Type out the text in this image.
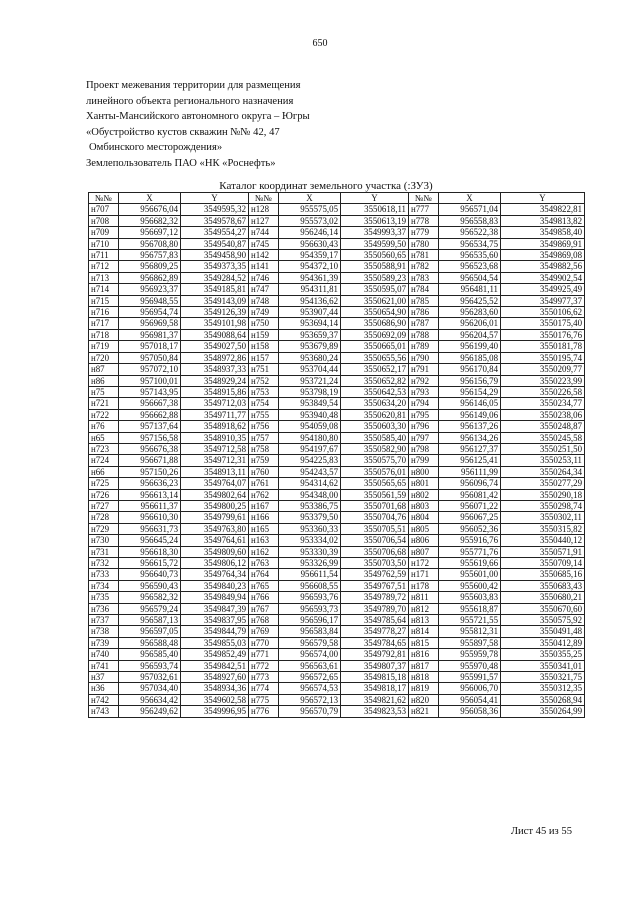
650
Проект межевания территории для размещения
линейного объекта регионального назначения
Ханты-Мансийского автономного округа – Югры
«Обустройство кустов скважин №№ 42, 47
Омбинского месторождения»
Землепользователь ПАО «НК «Роснефть»
Каталог координат земельного участка (:ЗУ3)
№№	X	Y	№№	X	Y	№№	X	Y
н707	956676,04	3549595,32	н128	955575,05	3550618,11	н777	956571,04	3549822,81
н708	956682,32	3549578,67	н127	955573,02	3550613,19	н778	956558,83	3549813,82
н709	956697,12	3549554,27	н744	956246,14	3549993,37	н779	956522,38	3549858,40
н710	956708,80	3549540,87	н745	956630,43	3549599,50	н780	956534,75	3549869,91
н711	956757,83	3549458,90	н142	954359,17	3550560,65	н781	956535,60	3549869,08
н712	956809,25	3549373,35	н141	954372,10	3550588,91	н782	956523,68	3549882,56
н713	956862,89	3549284,52	н746	954361,39	3550589,23	н783	956504,54	3549902,54
н714	956923,37	3549185,81	н747	954311,81	3550595,07	н784	956481,11	3549925,49
н715	956948,55	3549143,09	н748	954136,62	3550621,00	н785	956425,52	3549977,37
н716	956954,74	3549126,39	н749	953907,44	3550654,90	н786	956283,60	3550106,62
н717	956969,58	3549101,98	н750	953694,14	3550686,90	н787	956206,01	3550175,40
н718	956981,37	3549088,64	н159	953659,37	3550692,09	н788	956204,57	3550176,76
н719	957018,17	3549027,50	н158	953679,89	3550665,01	н789	956199,40	3550181,78
н720	957050,84	3548972,86	н157	953680,24	3550655,56	н790	956185,08	3550195,74
н87	957072,10	3548937,33	н751	953704,44	3550652,17	н791	956170,84	3550209,77
н86	957100,01	3548929,24	н752	953721,24	3550652,82	н792	956156,79	3550223,99
н75	957143,95	3548915,86	н753	953798,19	3550642,53	н793	956154,29	3550226,58
н721	956667,38	3549712,03	н754	953849,54	3550634,20	н794	956146,05	3550234,77
н722	956662,88	3549711,77	н755	953940,48	3550620,81	н795	956149,06	3550238,06
н76	957137,64	3548918,62	н756	954059,08	3550603,30	н796	956137,26	3550248,87
н65	957156,58	3548910,35	н757	954180,80	3550585,40	н797	956134,26	3550245,58
н723	956676,38	3549712,58	н758	954197,67	3550582,90	н798	956127,37	3550251,50
н724	956671,88	3549712,31	н759	954225,83	3550575,70	н799	956125,41	3550253,11
н66	957150,26	3548913,11	н760	954243,57	3550576,01	н800	956111,99	3550264,34
н725	956636,23	3549764,07	н761	954314,62	3550565,65	н801	956096,74	3550277,29
н726	956613,14	3549802,64	н762	954348,00	3550561,59	н802	956081,42	3550290,18
н727	956611,37	3549800,25	н167	953386,75	3550701,68	н803	956071,22	3550298,74
н728	956610,30	3549799,61	н166	953379,50	3550704,76	н804	956067,25	3550302,11
н729	956631,73	3549763,80	н165	953360,33	3550705,51	н805	956052,36	3550315,82
н730	956645,24	3549764,61	н163	953334,02	3550706,54	н806	955916,76	3550440,12
н731	956618,30	3549809,60	н162	953330,39	3550706,68	н807	955771,76	3550571,91
н732	956615,72	3549806,12	н763	953326,99	3550703,50	н172	955619,66	3550709,14
н733	956640,73	3549764,34	н764	956611,54	3549762,59	н171	955601,00	3550685,16
н734	956590,43	3549840,23	н765	956608,55	3549767,51	н178	955600,42	3550683,43
н735	956582,32	3549849,94	н766	956593,76	3549789,72	н811	955603,83	3550680,21
н736	956579,24	3549847,39	н767	956593,73	3549789,70	н812	955618,87	3550670,60
н737	956587,13	3549837,95	н768	956596,17	3549785,64	н813	955721,55	3550575,92
н738	956597,05	3549844,79	н769	956583,84	3549778,27	н814	955812,31	3550491,48
н739	956588,48	3549855,03	н770	956579,58	3549784,65	н815	955897,58	3550412,89
н740	956585,40	3549852,49	н771	956574,00	3549792,81	н816	955959,78	3550355,25
н741	956593,74	3549842,51	н772	956563,61	3549807,37	н817	955970,48	3550341,01
н37	957032,61	3548927,60	н773	956572,65	3549815,18	н818	955991,57	3550321,75
н36	957034,40	3548934,36	н774	956574,53	3549818,17	н819	956006,70	3550312,35
н742	956634,42	3549602,58	н775	956572,13	3549821,62	н820	956054,41	3550268,94
н743	956249,62	3549996,95	н776	956570,79	3549823,53	н821	956058,36	3550264,99
Лист 45 из 55
